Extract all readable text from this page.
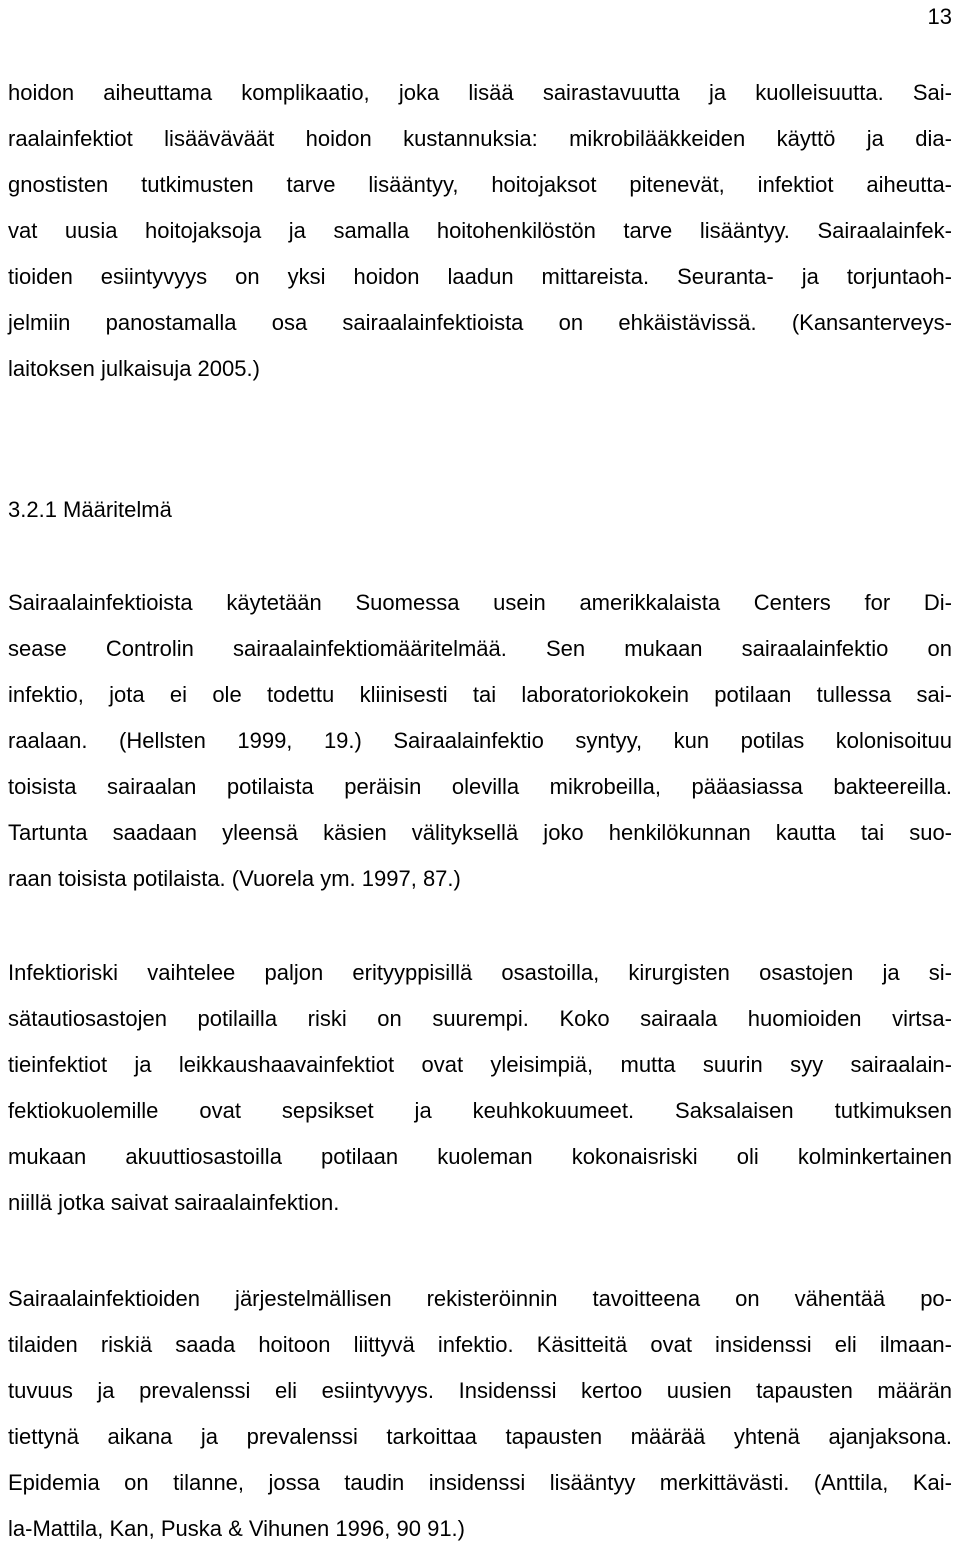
13
hoidon aiheuttama komplikaatio, joka lisää sairastavuutta ja kuolleisuutta. Sai-
raalainfektiot lisääväväät hoidon kustannuksia: mikrobilääkkeiden käyttö ja dia-
gnostisten tutkimusten tarve lisääntyy, hoitojaksot pitenevät, infektiot aiheutta-
vat uusia hoitojaksoja ja samalla hoitohenkilöstön tarve lisääntyy. Sairaalainfek-
tioiden esiintyvyys on yksi hoidon laadun mittareista. Seuranta- ja torjuntaoh-
jelmiin panostamalla osa sairaalainfektioista on ehkäistävissä. (Kansanterveys-
laitoksen julkaisuja 2005.)
3.2.1 Määritelmä
Sairaalainfektioista käytetään Suomessa usein amerikkalaista Centers for Di-
sease Controlin sairaalainfektiomääritelmää. Sen mukaan sairaalainfektio on
infektio, jota ei ole todettu kliinisesti tai laboratoriokokein potilaan tullessa sai-
raalaan. (Hellsten 1999, 19.) Sairaalainfektio syntyy, kun potilas kolonisoituu
toisista sairaalan potilaista peräisin olevilla mikrobeilla, pääasiassa bakteereilla.
Tartunta saadaan yleensä käsien välityksellä joko henkilökunnan kautta tai suo-
raan toisista potilaista. (Vuorela ym. 1997, 87.)
Infektioriski vaihtelee paljon erityyppisillä osastoilla, kirurgisten osastojen ja si-
sätautiosastojen potilailla riski on suurempi. Koko sairaala huomioiden virtsa-
tieinfektiot ja leikkaushaavainfektiot ovat yleisimpiä, mutta suurin syy sairaalain-
fektiokuolemille ovat sepsikset ja keuhkokuumeet. Saksalaisen tutkimuksen
mukaan akuuttiosastoilla potilaan kuoleman kokonaisriski oli kolminkertainen
niillä jotka saivat sairaalainfektion.
Sairaalainfektioiden järjestelmällisen rekisteröinnin tavoitteena on vähentää po-
tilaiden riskiä saada hoitoon liittyvä infektio. Käsitteitä ovat insidenssi eli ilmaan-
tuvuus ja prevalenssi eli esiintyvyys. Insidenssi kertoo uusien tapausten määrän
tiettynä aikana ja prevalenssi tarkoittaa tapausten määrää yhtenä ajanjaksona.
Epidemia on tilanne, jossa taudin insidenssi lisääntyy merkittävästi. (Anttila, Kai-
la-Mattila, Kan, Puska & Vihunen 1996, 90 91.)
